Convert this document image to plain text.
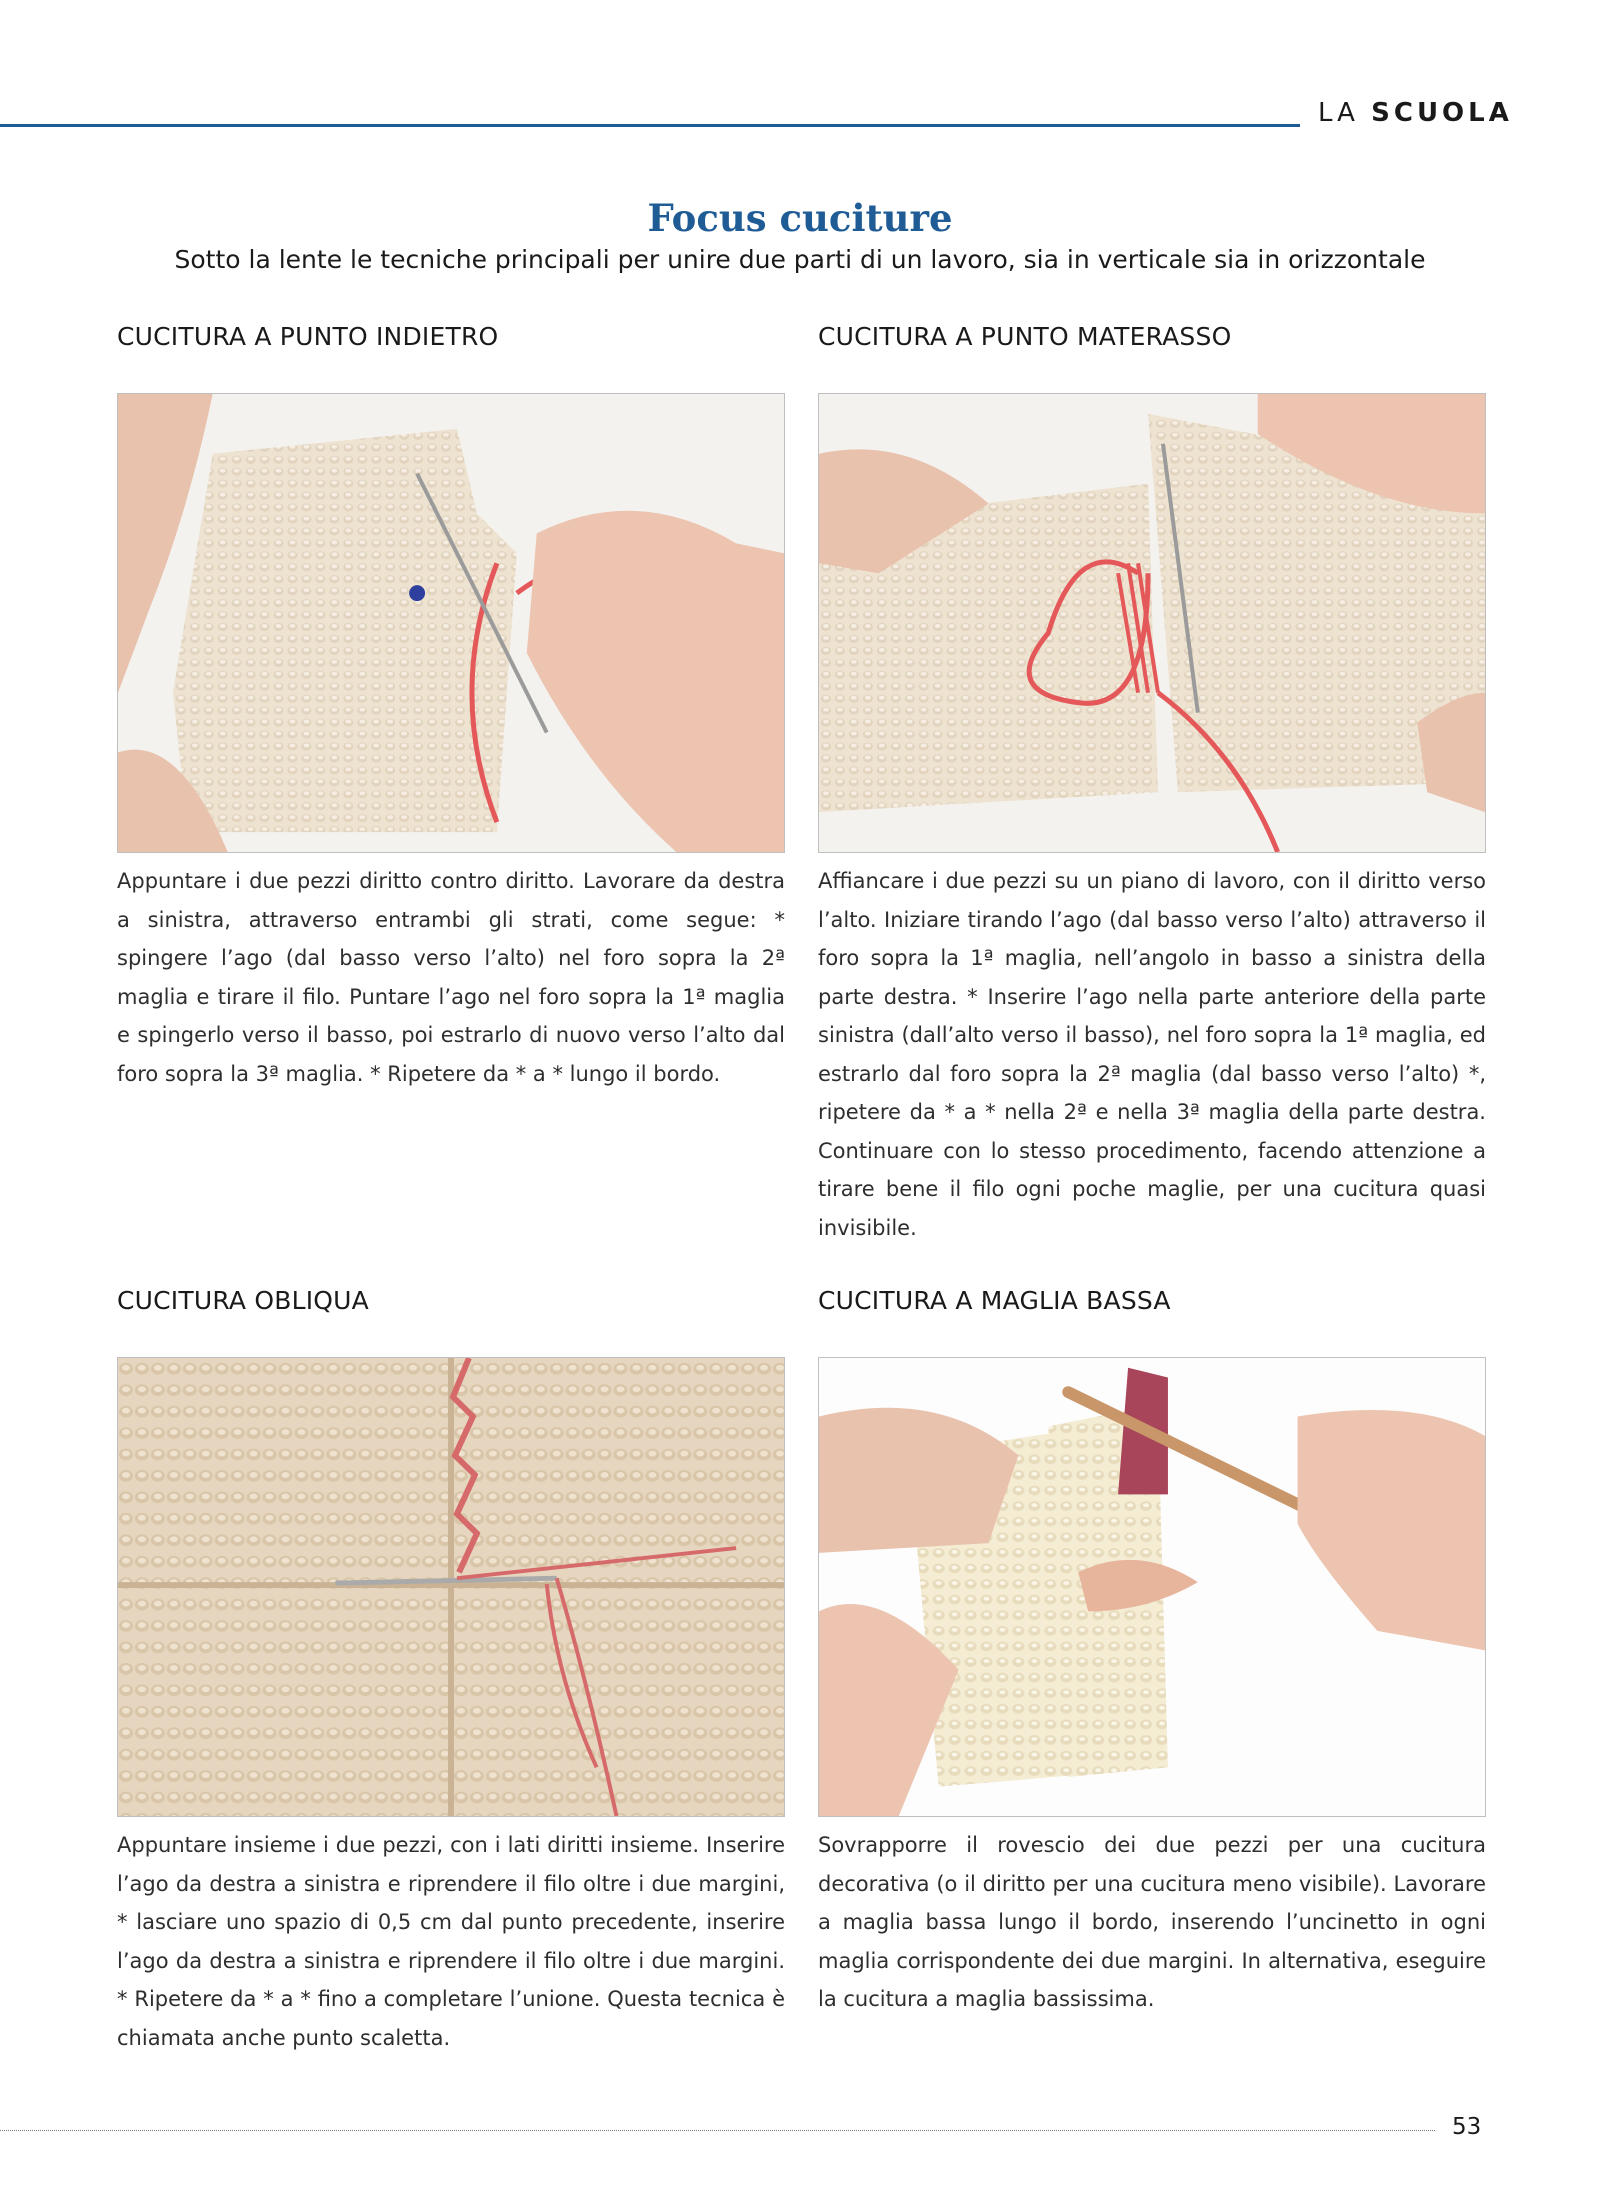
LA SCUOLA
Focus cuciture
Sotto la lente le tecniche principali per unire due parti di un lavoro, sia in verticale sia in orizzontale
CUCITURA A PUNTO INDIETRO
Appuntare i due pezzi diritto contro diritto. Lavorare da destra a sinistra, attraverso entrambi gli strati, come segue: * spingere l’ago (dal basso verso l’alto) nel foro sopra la 2ª maglia e tirare il filo. Puntare l’ago nel foro sopra la 1ª maglia e spingerlo verso il basso, poi estrarlo di nuovo verso l’alto dal foro sopra la 3ª maglia. * Ripetere da * a * lungo il bordo.
CUCITURA A PUNTO MATERASSO
Affiancare i due pezzi su un piano di lavoro, con il diritto verso l’alto. Iniziare tirando l’ago (dal basso verso l’alto) attraverso il foro sopra la 1ª maglia, nell’angolo in basso a sinistra della parte destra. * Inserire l’ago nella parte anteriore della parte sinistra (dall’alto verso il basso), nel foro sopra la 1ª maglia, ed estrarlo dal foro sopra la 2ª maglia (dal basso verso l’alto) *, ripetere da * a * nella 2ª e nella 3ª maglia della parte destra. Continuare con lo stesso procedimento, facendo attenzione a tirare bene il filo ogni poche maglie, per una cucitura quasi invisibile.
CUCITURA OBLIQUA
Appuntare insieme i due pezzi, con i lati diritti insieme. Inserire l’ago da destra a sinistra e riprendere il filo oltre i due margini, * lasciare uno spazio di 0,5 cm dal punto precedente, inserire l’ago da destra a sinistra e riprendere il filo oltre i due margini. * Ripetere da * a * fino a completare l’unione. Questa tecnica è chiamata anche punto scaletta.
CUCITURA A MAGLIA BASSA
Sovrapporre il rovescio dei due pezzi per una cucitura decorativa (o il diritto per una cucitura meno visibile). Lavorare a maglia bassa lungo il bordo, inserendo l’uncinetto in ogni maglia corrispondente dei due margini. In alternativa, eseguire la cucitura a maglia bassissima.
53
